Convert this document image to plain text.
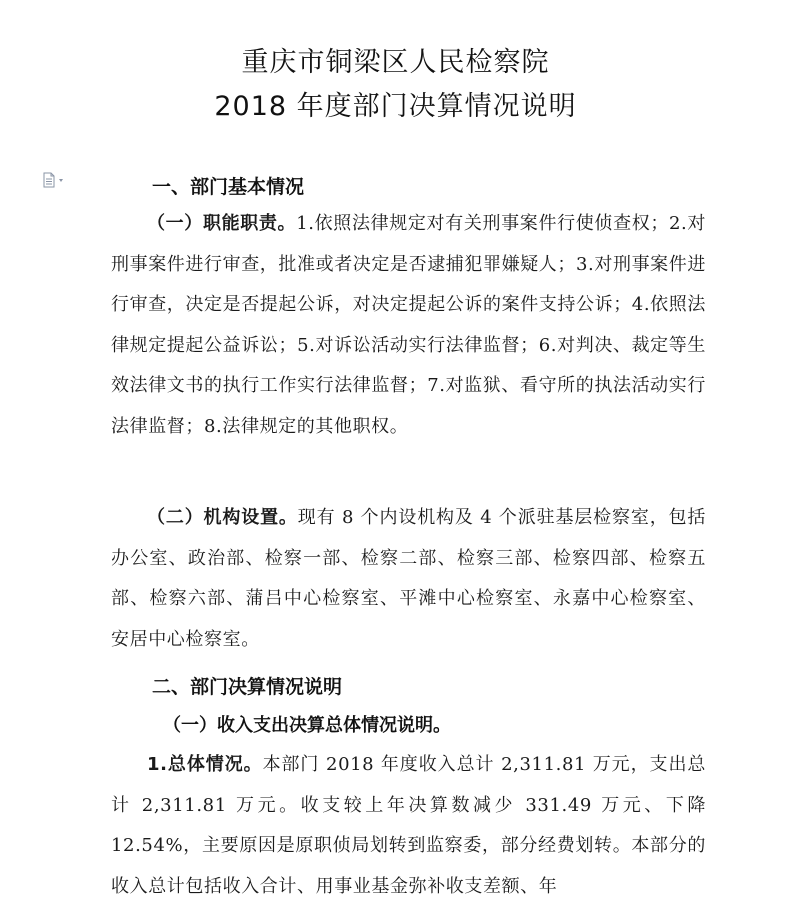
重庆市铜梁区人民检察院
2018 年度部门决算情况说明
一、部门基本情况

（一）职能职责。1.依照法律规定对有关刑事案件行使侦查权；2.对刑事案件进行审查，批准或者决定是否逮捕犯罪嫌疑人；3.对刑事案件进行审查，决定是否提起公诉，对决定提起公诉的案件支持公诉；4.依照法律规定提起公益诉讼；5.对诉讼活动实行法律监督；6.对判决、裁定等生效法律文书的执行工作实行法律监督；7.对监狱、看守所的执法活动实行法律监督；8.法律规定的其他职权。

（二）机构设置。现有 8 个内设机构及 4 个派驻基层检察室，包括办公室、政治部、检察一部、检察二部、检察三部、检察四部、检察五部、检察六部、蒲吕中心检察室、平滩中心检察室、永嘉中心检察室、安居中心检察室。

二、部门决算情况说明
（一）收入支出决算总体情况说明。

1.总体情况。本部门 2018 年度收入总计 2,311.81 万元，支出总计 2,311.81 万元。收支较上年决算数减少 331.49 万元、下降 12.54%，主要原因是原职侦局划转到监察委，部分经费划转。本部分的收入总计包括收入合计、用事业基金弥补收支差额、年
